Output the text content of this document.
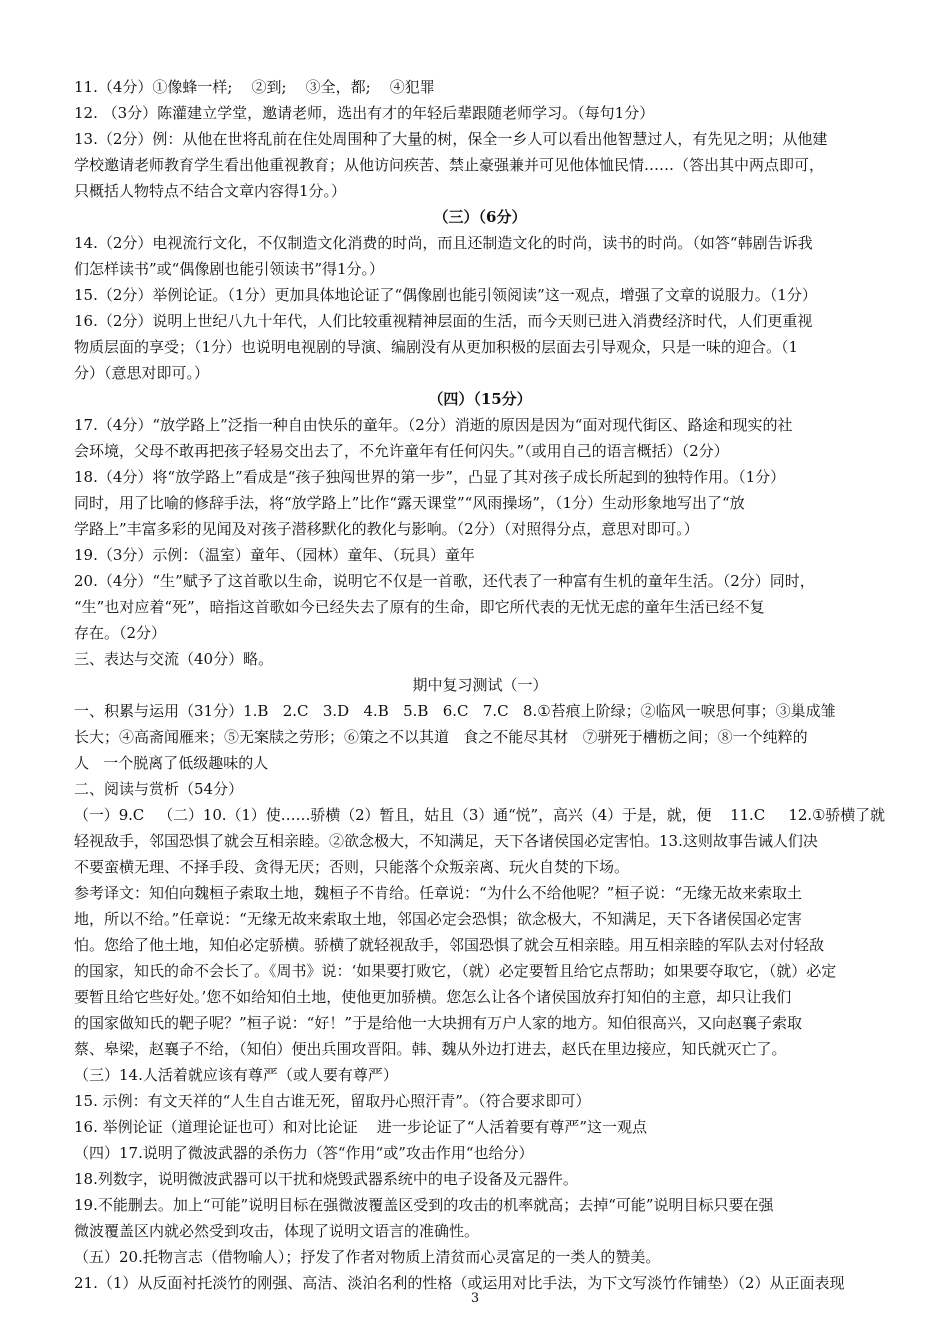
11.（4分）①像蜂一样;    ②到;    ③全，都;    ④犯罪
12. （3分）陈灌建立学堂，邀请老师，选出有才的年轻后辈跟随老师学习。（每句1分）
13.（2分）例：从他在世将乱前在住处周围种了大量的树，保全一乡人可以看出他智慧过人，有先见之明；从他建
学校邀请老师教育学生看出他重视教育；从他访问疾苦、禁止豪强兼并可见他体恤民情……（答出其中两点即可，
只概括人物特点不结合文章内容得1分。）
（三）（6分）
14.（2分）电视流行文化，不仅制造文化消费的时尚，而且还制造文化的时尚，读书的时尚。（如答“韩剧告诉我
们怎样读书”或“偶像剧也能引领读书”得1分。）
15.（2分）举例论证。（1分）更加具体地论证了“偶像剧也能引领阅读”这一观点，增强了文章的说服力。（1分）
16.（2分）说明上世纪八九十年代，人们比较重视精神层面的生活，而今天则已进入消费经济时代，人们更重视
物质层面的享受；（1分）也说明电视剧的导演、编剧没有从更加积极的层面去引导观众，只是一味的迎合。（1
分）（意思对即可。）
（四）（15分）
17.（4分）“放学路上”泛指一种自由快乐的童年。（2分）消逝的原因是因为“面对现代街区、路途和现实的社
会环境，父母不敢再把孩子轻易交出去了，不允许童年有任何闪失。”（或用自己的语言概括）（2分）
18.（4分）将“放学路上”看成是“孩子独闯世界的第一步”，凸显了其对孩子成长所起到的独特作用。（1分）
同时，用了比喻的修辞手法，将“放学路上”比作“露天课堂”“风雨操场”，（1分）生动形象地写出了“放
学路上”丰富多彩的见闻及对孩子潜移默化的教化与影响。（2分）（对照得分点，意思对即可。）
19.（3分）示例：（温室）童年、（园林）童年、（玩具）童年
20.（4分）“生”赋予了这首歌以生命，说明它不仅是一首歌，还代表了一种富有生机的童年生活。（2分）同时，
“生”也对应着“死”，暗指这首歌如今已经失去了原有的生命，即它所代表的无忧无虑的童年生活已经不复
存在。（2分）
三、表达与交流（40分）略。
期中复习测试（一）
一、积累与运用（31分）1.B   2.C   3.D   4.B   5.B   6.C   7.C   8.①苔痕上阶绿；②临风一唳思何事；③巢成雏
长大；④高斋闻雁来；⑤无案牍之劳形；⑥策之不以其道   食之不能尽其材   ⑦骈死于槽枥之间；⑧一个纯粹的
人   一个脱离了低级趣味的人
二、阅读与赏析（54分）
（一）9.C   （二）10.（1）使……骄横（2）暂且，姑且（3）通“悦”，高兴（4）于是，就，便    11.C     12.①骄横了就
轻视敌手，邻国恐惧了就会互相亲睦。②欲念极大，不知满足，天下各诸侯国必定害怕。13.这则故事告诫人们决
不要蛮横无理、不择手段、贪得无厌；否则，只能落个众叛亲离、玩火自焚的下场。
参考译文：知伯向魏桓子索取土地，魏桓子不肯给。任章说：“为什么不给他呢？”桓子说：“无缘无故来索取土
地，所以不给。”任章说：“无缘无故来索取土地，邻国必定会恐惧；欲念极大，不知满足，天下各诸侯国必定害
怕。您给了他土地，知伯必定骄横。骄横了就轻视敌手，邻国恐惧了就会互相亲睦。用互相亲睦的军队去对付轻敌
的国家，知氏的命不会长了。《周书》说：‘如果要打败它，（就）必定要暂且给它点帮助；如果要夺取它，（就）必定
要暂且给它些好处。’您不如给知伯土地，使他更加骄横。您怎么让各个诸侯国放弃打知伯的主意，却只让我们
的国家做知氏的靶子呢？”桓子说：“好！”于是给他一大块拥有万户人家的地方。知伯很高兴，又向赵襄子索取
蔡、皋梁，赵襄子不给，（知伯）便出兵围攻晋阳。韩、魏从外边打进去，赵氏在里边接应，知氏就灭亡了。
（三）14.人活着就应该有尊严（或人要有尊严）
15. 示例：有文天祥的“人生自古谁无死，留取丹心照汗青”。（符合要求即可）
16. 举例论证（道理论证也可）和对比论证    进一步论证了“人活着要有尊严”这一观点
（四）17.说明了微波武器的杀伤力（答“作用“或”攻击作用“也给分）
18.列数字，说明微波武器可以干扰和烧毁武器系统中的电子设备及元器件。
19.不能删去。加上“可能”说明目标在强微波覆盖区受到的攻击的机率就高；去掉“可能”说明目标只要在强
微波覆盖区内就必然受到攻击，体现了说明文语言的准确性。
（五）20.托物言志（借物喻人）；抒发了作者对物质上清贫而心灵富足的一类人的赞美。
21.（1）从反面衬托淡竹的刚强、高洁、淡泊名利的性格（或运用对比手法，为下文写淡竹作铺垫）（2）从正面表现
3
